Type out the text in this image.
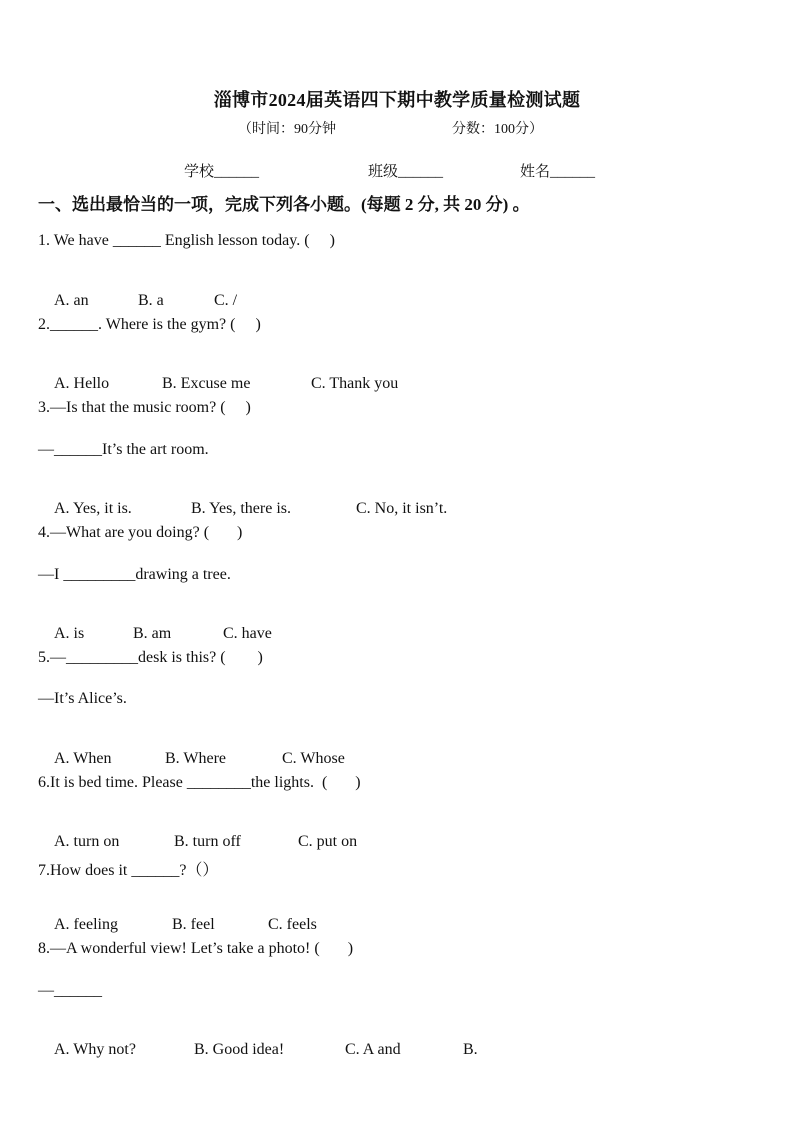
淄博市2024届英语四下期中教学质量检测试题
（时间：90分钟	分数：100分）
学校______	班级______	姓名______
一、选出最恰当的一项，完成下列各小题。(每题 2 分, 共 20 分) 。
1. We have ______ English lesson today. (     )

A. an	B. a	C. /

2.______. Where is the gym? (     )

A. Hello	B. Excuse me	C. Thank you

3.—Is that the music room? (     )
—______It’s the art room.

A. Yes, it is.	B. Yes, there is.	C. No, it isn’t.

4.—What are you doing? (       )
—I _________drawing a tree.

A. is	B. am	C. have

5.—_________desk is this? (        )
—It’s Alice’s.

A. When	B. Where	C. Whose

6.It is bed time. Please ________the lights.  (       )

A. turn on	B. turn off	C. put on

7.How does it ______?（）

A. feeling	B. feel	C. feels

8.—A wonderful view! Let’s take a photo! (       )
—______

A. Why not?	B. Good idea!	C. A and	B.
